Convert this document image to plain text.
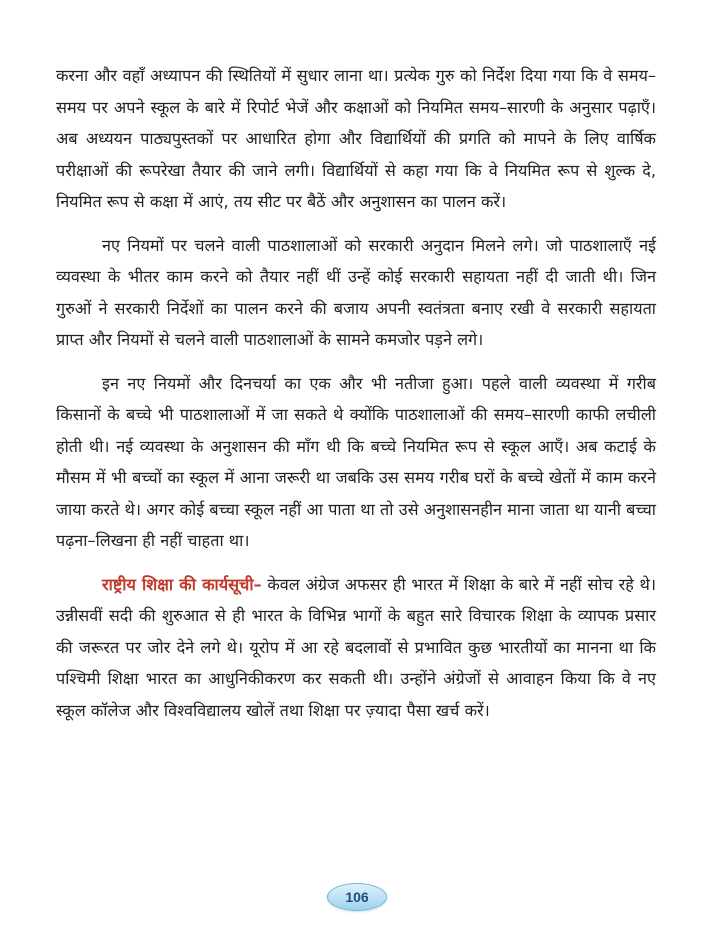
करना और वहाँ अध्यापन की स्थितियों में सुधार लाना था। प्रत्येक गुरु को निर्देश दिया गया कि वे समय–समय पर अपने स्कूल के बारे में रिपोर्ट भेजें और कक्षाओं को नियमित समय–सारणी के अनुसार पढ़ाएँ। अब अध्ययन पाठ्यपुस्तकों पर आधारित होगा और विद्यार्थियों की प्रगति को मापने के लिए वार्षिक परीक्षाओं की रूपरेखा तैयार की जाने लगी। विद्यार्थियों से कहा गया कि वे नियमित रूप से शुल्क दे, नियमित रूप से कक्षा में आएं, तय सीट पर बैठें और अनुशासन का पालन करें।

नए नियमों पर चलने वाली पाठशालाओं को सरकारी अनुदान मिलने लगे। जो पाठशालाएँ नई व्यवस्था के भीतर काम करने को तैयार नहीं थीं उन्हें कोई सरकारी सहायता नहीं दी जाती थी। जिन गुरुओं ने सरकारी निर्देशों का पालन करने की बजाय अपनी स्वतंत्रता बनाए रखी वे सरकारी सहायता प्राप्त और नियमों से चलने वाली पाठशालाओं के सामने कमजोर पड़ने लगे।

इन नए नियमों और दिनचर्या का एक और भी नतीजा हुआ। पहले वाली व्यवस्था में गरीब किसानों के बच्चे भी पाठशालाओं में जा सकते थे क्योंकि पाठशालाओं की समय–सारणी काफी लचीली होती थी। नई व्यवस्था के अनुशासन की माँग थी कि बच्चे नियमित रूप से स्कूल आएँ। अब कटाई के मौसम में भी बच्चों का स्कूल में आना जरूरी था जबकि उस समय गरीब घरों के बच्चे खेतों में काम करने जाया करते थे। अगर कोई बच्चा स्कूल नहीं आ पाता था तो उसे अनुशासनहीन माना जाता था यानी बच्चा पढ़ना–लिखना ही नहीं चाहता था।

राष्ट्रीय शिक्षा की कार्यसूची– केवल अंग्रेज अफसर ही भारत में शिक्षा के बारे में नहीं सोच रहे थे। उन्नीसवीं सदी की शुरुआत से ही भारत के विभिन्न भागों के बहुत सारे विचारक शिक्षा के व्यापक प्रसार की जरूरत पर जोर देने लगे थे। यूरोप में आ रहे बदलावों से प्रभावित कुछ भारतीयों का मानना था कि पश्चिमी शिक्षा भारत का आधुनिकीकरण कर सकती थी। उन्होंने अंग्रेजों से आवाहन किया कि वे नए स्कूल कॉलेज और विश्वविद्यालय खोलें तथा शिक्षा पर ज़्यादा पैसा खर्च करें।

106
